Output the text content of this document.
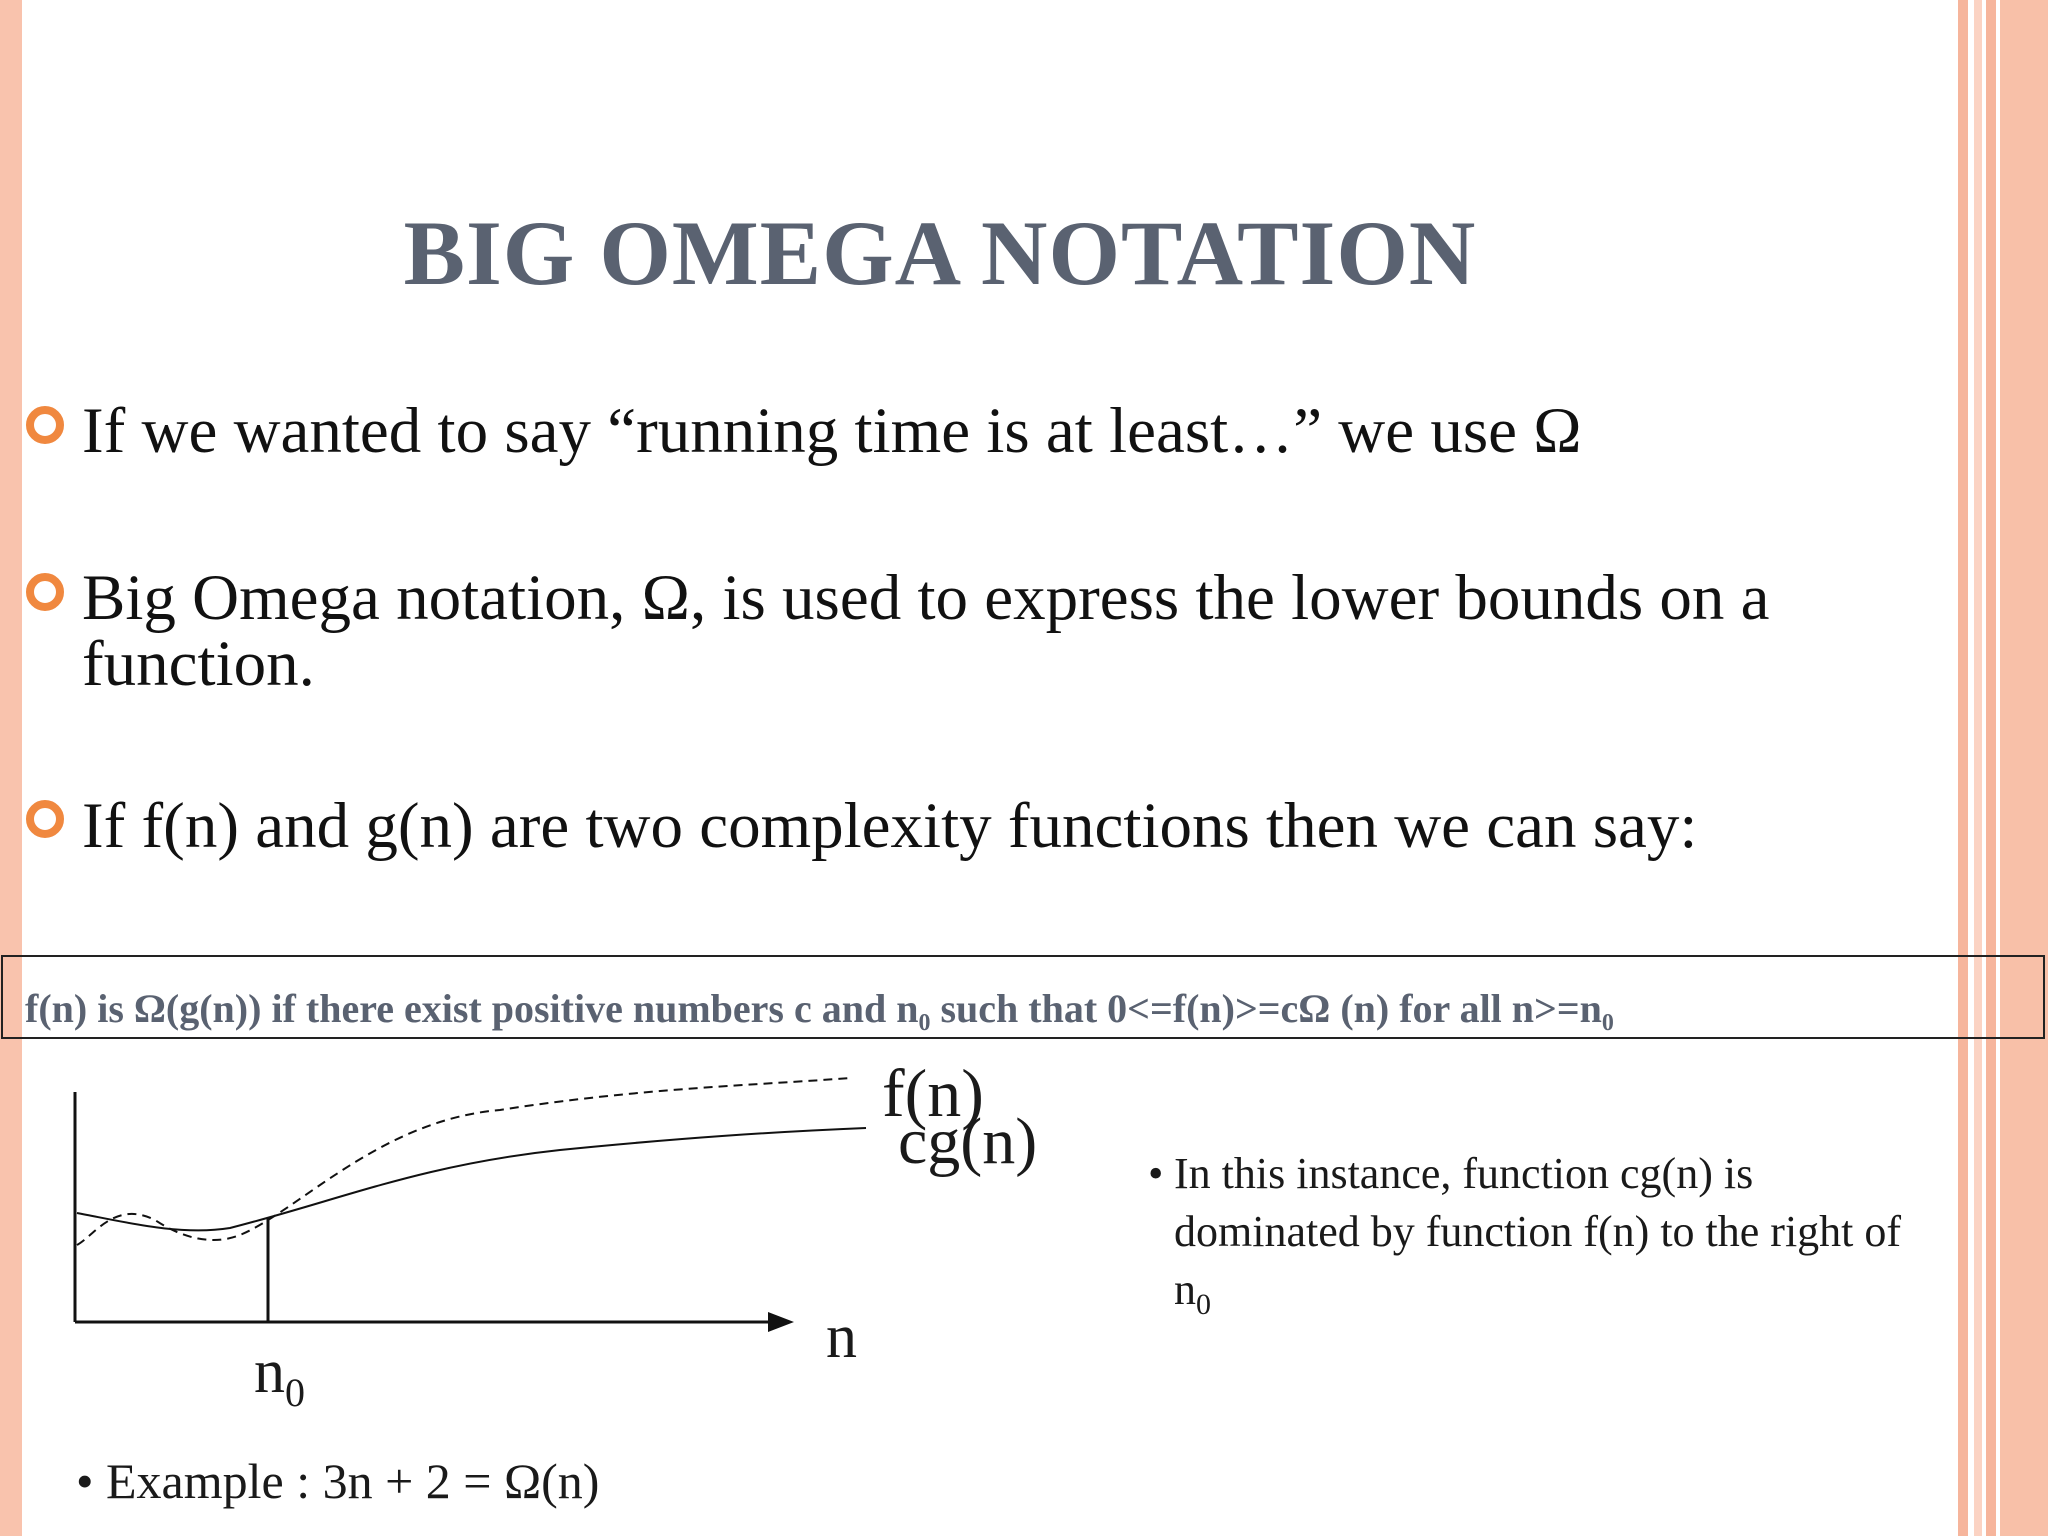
BIG OMEGA NOTATION
If we wanted to say “running time is at least…” we use Ω
Big Omega notation, Ω, is used to express the lower bounds on a function.
If f(n) and g(n) are two complexity functions then we can say:
f(n) is Ω(g(n)) if there exist positive numbers c and n₀ such that 0<=f(n)>=cΩ (n) for all n>=n₀
f(n)
cg(n)
n
$n_0$
• In this instance, function cg(n) is dominated by function f(n) to the right of $n_0$
• Example : 3n + 2 = Ω(n)
